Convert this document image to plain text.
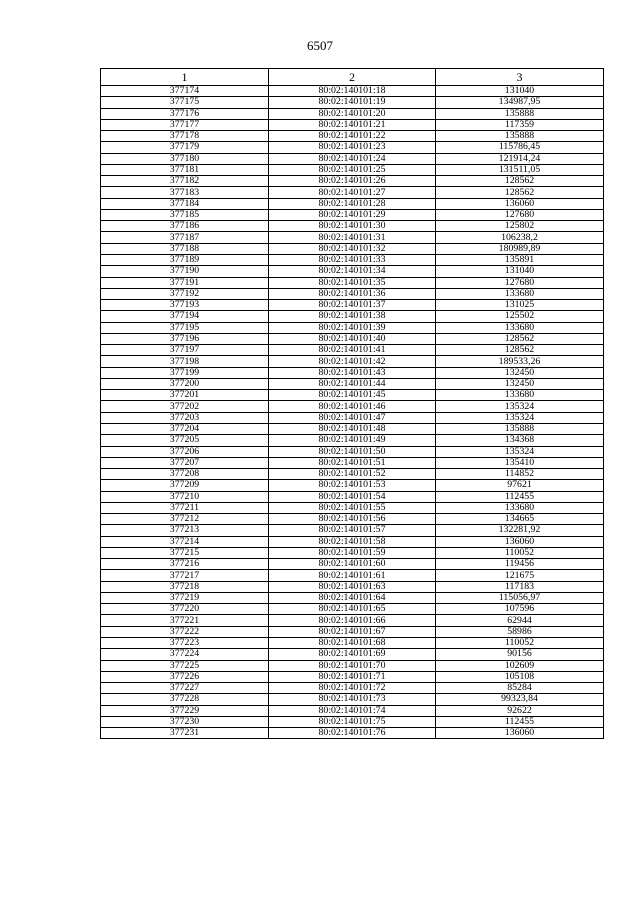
6507
1	2	3
377174	80:02:140101:18	131040
377175	80:02:140101:19	134987,95
377176	80:02:140101:20	135888
377177	80:02:140101:21	117359
377178	80:02:140101:22	135888
377179	80:02:140101:23	115786,45
377180	80:02:140101:24	121914,24
377181	80:02:140101:25	131511,05
377182	80:02:140101:26	128562
377183	80:02:140101:27	128562
377184	80:02:140101:28	136060
377185	80:02:140101:29	127680
377186	80:02:140101:30	125802
377187	80:02:140101:31	106238,2
377188	80:02:140101:32	180989,89
377189	80:02:140101:33	135891
377190	80:02:140101:34	131040
377191	80:02:140101:35	127680
377192	80:02:140101:36	133680
377193	80:02:140101:37	131025
377194	80:02:140101:38	125502
377195	80:02:140101:39	133680
377196	80:02:140101:40	128562
377197	80:02:140101:41	128562
377198	80:02:140101:42	189533,26
377199	80:02:140101:43	132450
377200	80:02:140101:44	132450
377201	80:02:140101:45	133680
377202	80:02:140101:46	135324
377203	80:02:140101:47	135324
377204	80:02:140101:48	135888
377205	80:02:140101:49	134368
377206	80:02:140101:50	135324
377207	80:02:140101:51	135410
377208	80:02:140101:52	114852
377209	80:02:140101:53	97621
377210	80:02:140101:54	112455
377211	80:02:140101:55	133680
377212	80:02:140101:56	134665
377213	80:02:140101:57	132281,92
377214	80:02:140101:58	136060
377215	80:02:140101:59	110052
377216	80:02:140101:60	119456
377217	80:02:140101:61	121675
377218	80:02:140101:63	117183
377219	80:02:140101:64	115056,97
377220	80:02:140101:65	107596
377221	80:02:140101:66	62944
377222	80:02:140101:67	58986
377223	80:02:140101:68	110052
377224	80:02:140101:69	90156
377225	80:02:140101:70	102609
377226	80:02:140101:71	105108
377227	80:02:140101:72	85284
377228	80:02:140101:73	99323,84
377229	80:02:140101:74	92622
377230	80:02:140101:75	112455
377231	80:02:140101:76	136060
